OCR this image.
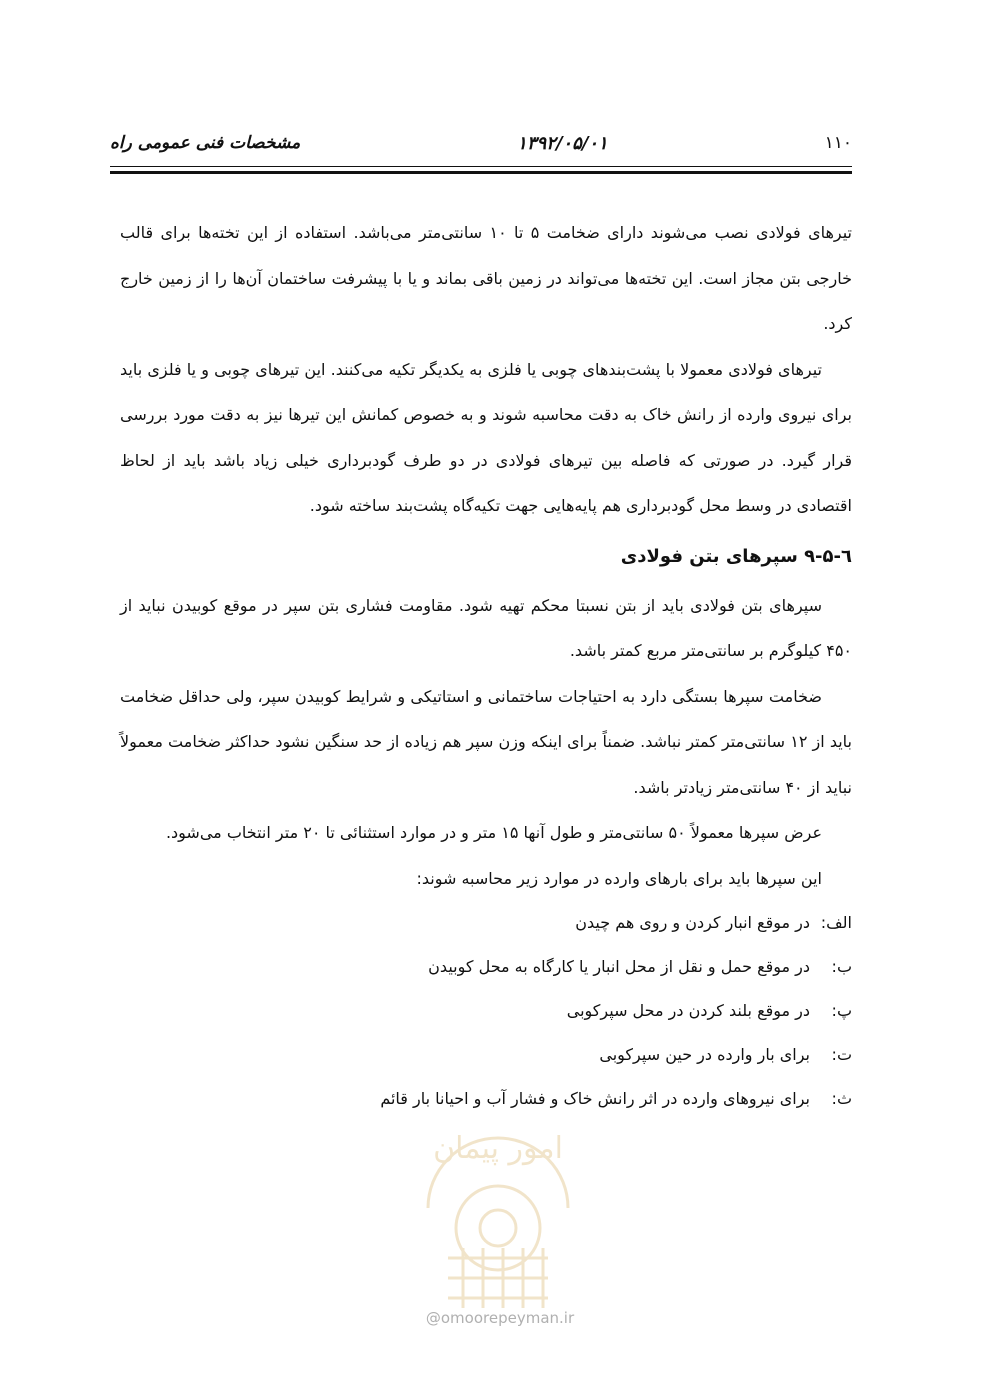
۱۱۰
۱۳۹۲/۰۵/۰۱
مشخصات فنی عمومی راه

تیرهای فولادی نصب می‌شوند دارای ضخامت ۵ تا ۱۰ سانتی‌متر می‌باشد. استفاده از این تخته‌ها برای قالب خارجی بتن مجاز است. این تخته‌ها می‌تواند در زمین باقی بماند و یا با پیشرفت ساختمان آن‌ها را از زمین خارج کرد.

تیرهای فولادی معمولا با پشت‌بندهای چوبی یا فلزی به یکدیگر تکیه می‌کنند. این تیرهای چوبی و یا فلزی باید برای نیروی وارده از رانش خاک به دقت محاسبه شوند و به خصوص کمانش این تیرها نیز به دقت مورد بررسی قرار گیرد. در صورتی که فاصله بین تیرهای فولادی در دو طرف گودبرداری خیلی زیاد باشد باید از لحاظ اقتصادی در وسط محل گودبرداری هم پایه‌هایی جهت تکیه‌گاه پشت‌بند ساخته شود.

٦-۹-۵ سپرهای بتن فولادی

سپرهای بتن فولادی باید از بتن نسبتا محکم تهیه شود. مقاومت فشاری بتن سپر در موقع کوبیدن نباید از ۴۵۰ کیلوگرم بر سانتی‌متر مربع کمتر باشد.

ضخامت سپرها بستگی دارد به احتیاجات ساختمانی و استاتیکی و شرایط کوبیدن سپر، ولی حداقل ضخامت باید از ۱۲ سانتی‌متر کمتر نباشد. ضمناً برای اینکه وزن سپر هم زیاده از حد سنگین نشود حداکثر ضخامت معمولاً نباید از ۴۰ سانتی‌متر زیادتر باشد.

عرض سپرها معمولاً ۵۰ سانتی‌متر و طول آنها ۱۵ متر و در موارد استثنائی تا ۲۰ متر انتخاب می‌شود.

این سپرها باید برای بارهای وارده در موارد زیر محاسبه شوند:

الف:
در موقع انبار کردن و روی هم چیدن
ب:
در موقع حمل و نقل از محل انبار یا کارگاه به محل کوبیدن
پ:
در موقع بلند کردن در محل سپرکوبی
ت:
برای بار وارده در حین سپرکوبی
ث:
برای نیروهای وارده در اثر رانش خاک و فشار آب و احیانا بار قائم
امور پیمان
@omoorepeyman.ir
